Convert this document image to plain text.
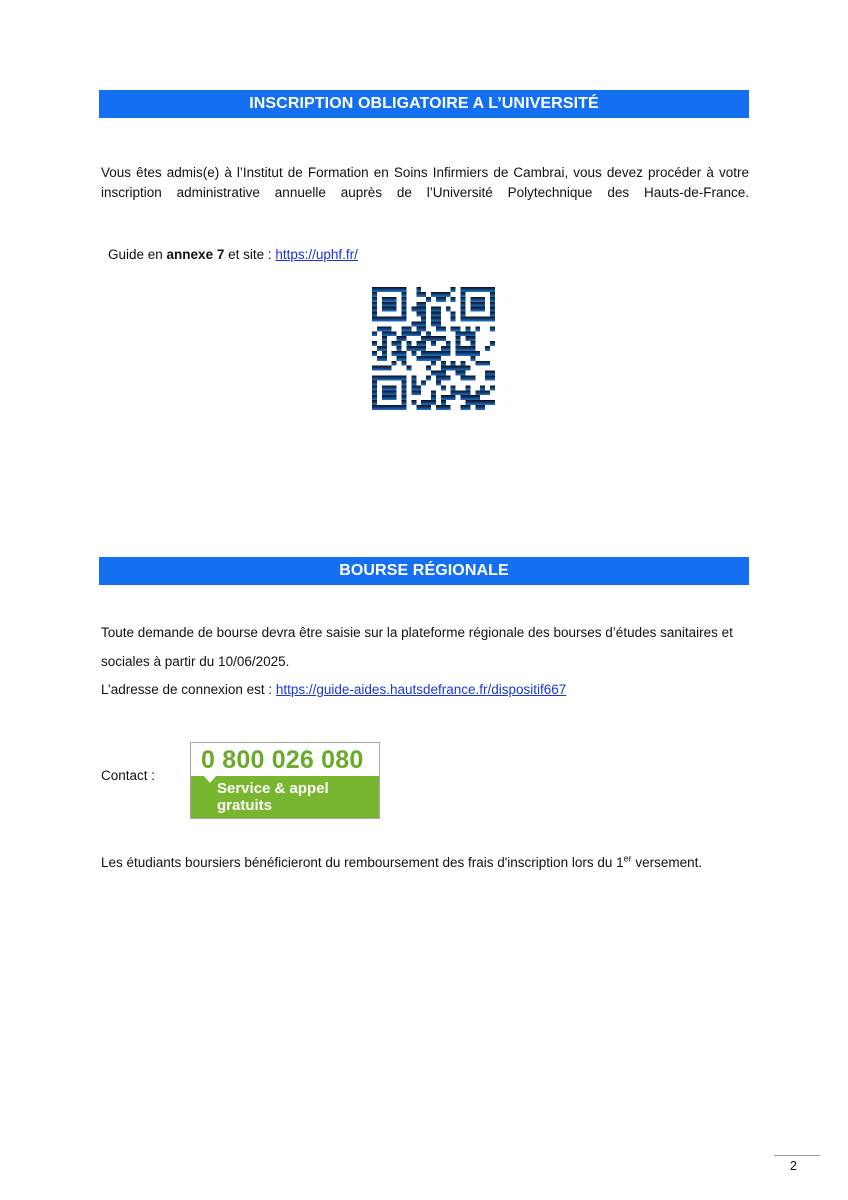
INSCRIPTION OBLIGATOIRE A L’UNIVERSITÉ
Vous êtes admis(e) à l’Institut de Formation en Soins Infirmiers de Cambrai, vous devez procéder à votre inscription administrative annuelle auprès de l’Université Polytechnique des Hauts-de-France.
Guide en annexe 7 et site : https://uphf.fr/
BOURSE RÉGIONALE
Toute demande de bourse devra être saisie sur la plateforme régionale des bourses d’études sanitaires et
sociales à partir du 10/06/2025.
L’adresse de connexion est : https://guide-aides.hautsdefrance.fr/dispositif667
Contact :
0 800 026 080
Service & appel
gratuits
Les étudiants boursiers bénéficieront du remboursement des frais d'inscription lors du 1er versement.
2
